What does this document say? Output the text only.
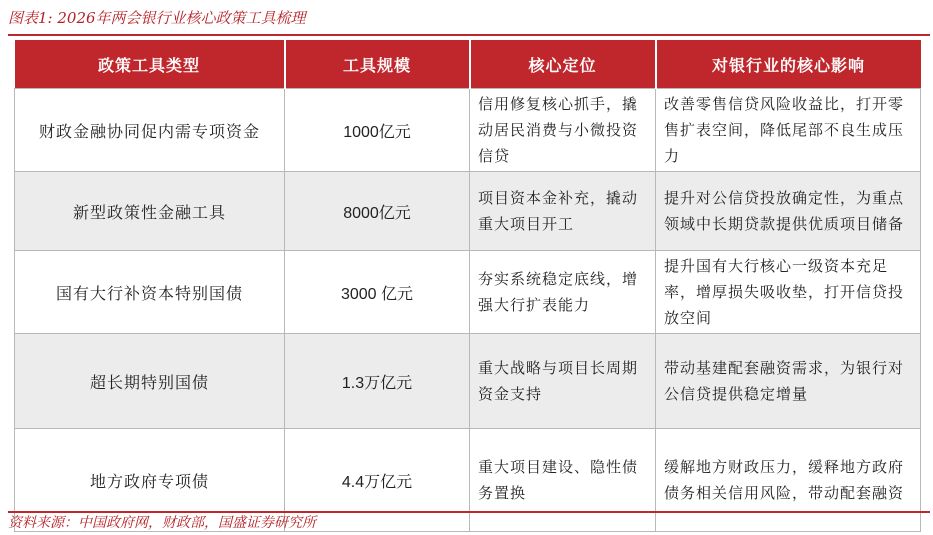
图表1: 2026年两会银行业核心政策工具梳理
政策工具类型	工具规模	核心定位	对银行业的核心影响
财政金融协同促内需专项资金	1000亿元	信用修复核心抓手，撬动居民消费与小微投资信贷	改善零售信贷风险收益比，打开零售扩表空间，降低尾部不良生成压力
新型政策性金融工具	8000亿元	项目资本金补充，撬动重大项目开工	提升对公信贷投放确定性，为重点领域中长期贷款提供优质项目储备
国有大行补资本特别国债	3000 亿元	夯实系统稳定底线，增强大行扩表能力	提升国有大行核心一级资本充足率，增厚损失吸收垫，打开信贷投放空间
超长期特别国债	1.3万亿元	重大战略与项目长周期资金支持	带动基建配套融资需求，为银行对公信贷提供稳定增量
地方政府专项债	4.4万亿元	重大项目建设、隐性债务置换	缓解地方财政压力，缓释地方政府债务相关信用风险，带动配套融资
资料来源：中国政府网，财政部，国盛证券研究所
